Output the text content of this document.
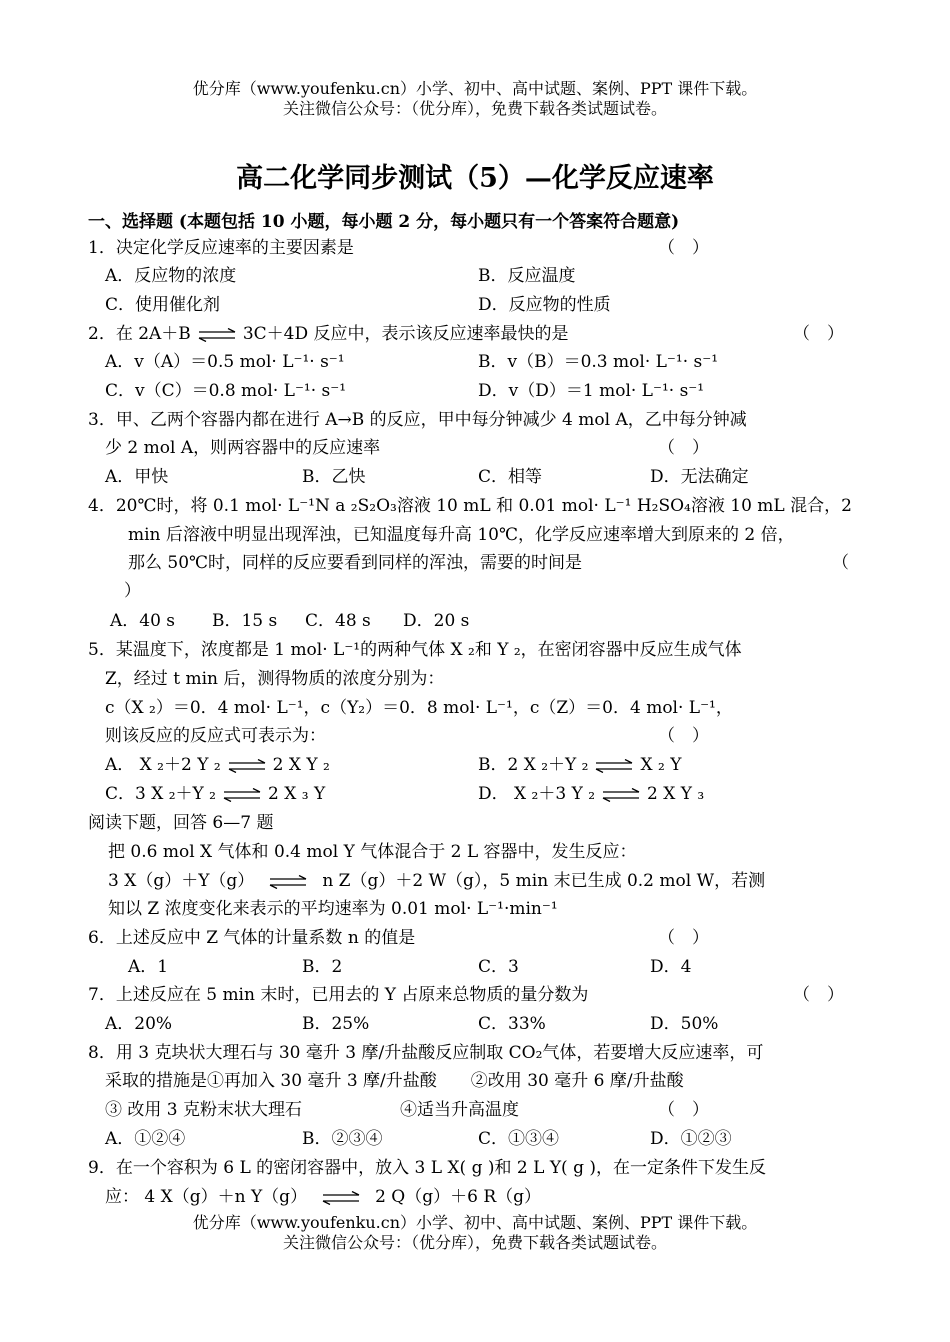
优分库（www.youfenku.cn）小学、初中、高中试题、案例、PPT 课件下载。
关注微信公众号：（优分库），免费下载各类试题试卷。
高二化学同步测试（5）—化学反应速率
一、选择题 (本题包括 10 小题，每小题 2 分，每小题只有一个答案符合题意)
1．决定化学反应速率的主要因素是	（　）
A．反应物的浓度	B．反应温度
C．使用催化剂	D．反应物的性质
2．在 2A＋B	3C＋4D 反应中，表示该反应速率最快的是	（　）
A．v（A）＝0.5 mol· L⁻¹· s⁻¹	B．v（B）＝0.3 mol· L⁻¹· s⁻¹
C．v（C）＝0.8 mol· L⁻¹· s⁻¹	D．v（D）＝1 mol· L⁻¹· s⁻¹
3．甲、乙两个容器内都在进行 A→B 的反应，甲中每分钟减少 4 mol A，乙中每分钟减
少 2 mol A，则两容器中的反应速率	（　）
A．甲快	B．乙快	C．相等	D．无法确定
4．20℃时，将 0.1 mol· L⁻¹N a ₂S₂O₃溶液 10 mL 和 0.01 mol· L⁻¹ H₂SO₄溶液 10 mL 混合，2
min 后溶液中明显出现浑浊，已知温度每升高 10℃，化学反应速率增大到原来的 2 倍，
那么 50℃时，同样的反应要看到同样的浑浊，需要的时间是	（
）
A．40 s B．15 s C．48 s D．20 s
5．某温度下，浓度都是 1 mol· L⁻¹的两种气体 X ₂和 Y ₂，在密闭容器中反应生成气体
Z，经过 t min 后，测得物质的浓度分别为：
c（X ₂）＝0．4 mol· L⁻¹，c（Y₂）＝0．8 mol· L⁻¹，c（Z）＝0．4 mol· L⁻¹，
则该反应的反应式可表示为：	（　）
A． X ₂＋2 Y ₂	2 X Y ₂	B．2 X ₂＋Y ₂	X ₂ Y
C．3 X ₂＋Y ₂	2 X ₃ Y	D． X ₂＋3 Y ₂	2 X Y ₃
阅读下题，回答 6—7 题
把 0.6 mol X 气体和 0.4 mol Y 气体混合于 2 L 容器中，发生反应：
3 X（g）＋Y（g）	n Z（g）＋2 W（g），5 min 末已生成 0.2 mol W，若测
知以 Z 浓度变化来表示的平均速率为 0.01 mol· L⁻¹·min⁻¹
6．上述反应中 Z 气体的计量系数 n 的值是	（　）
A．1	B．2	C．3	D．4
7．上述反应在 5 min 末时，已用去的 Y 占原来总物质的量分数为	（　）
A．20%	B．25%	C．33%	D．50%
8．用 3 克块状大理石与 30 毫升 3 摩/升盐酸反应制取 CO₂气体，若要增大反应速率，可
采取的措施是①再加入 30 毫升 3 摩/升盐酸　　②改用 30 毫升 6 摩/升盐酸
③ 改用 3 克粉末状大理石	④适当升高温度	（　）
A．①②④	B．②③④	C．①③④	D．①②③
9．在一个容积为 6 L 的密闭容器中，放入 3 L X( g )和 2 L Y( g )，在一定条件下发生反
应： 4 X（g）＋n Y（g）	2 Q（g）＋6 R（g）
优分库（www.youfenku.cn）小学、初中、高中试题、案例、PPT 课件下载。
关注微信公众号：（优分库），免费下载各类试题试卷。
